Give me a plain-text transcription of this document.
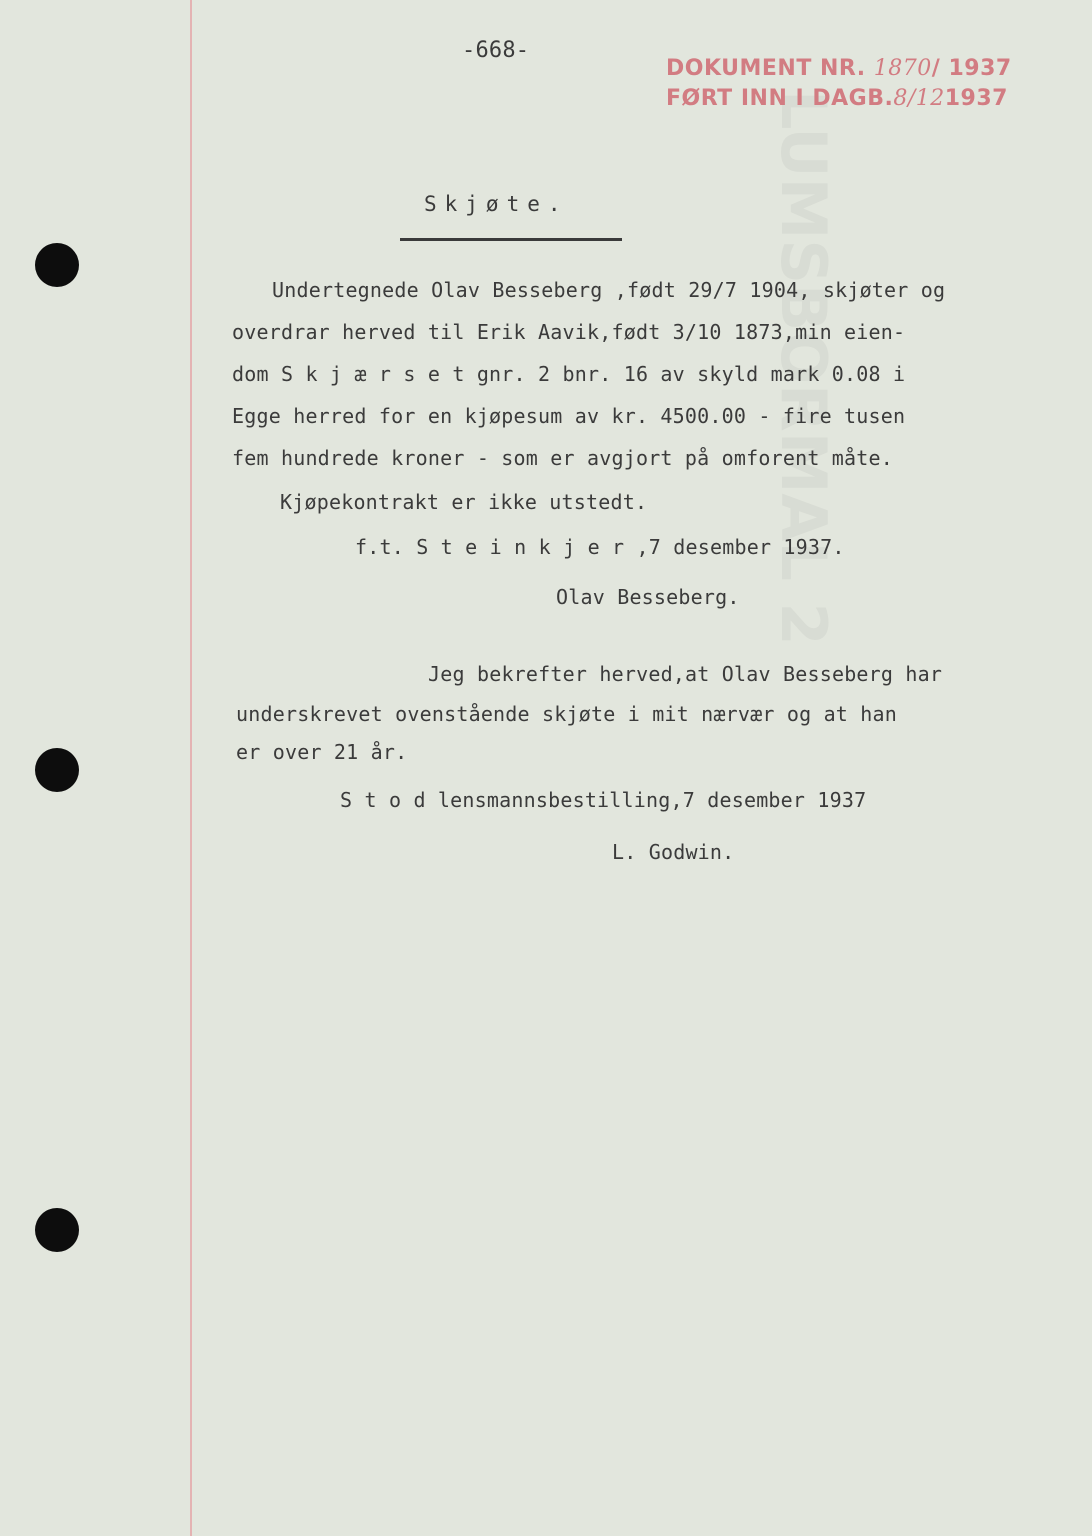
LUMSBORMAL 2
-668-
DOKUMENT NR. 1870/ 1937
FØRT INN I DAGB.8/121937
Skjøte.
Undertegnede Olav Besseberg ,født 29/7 1904, skjøter og
overdrar herved til Erik Aavik,født 3/10 1873,min eien-
dom S k j æ r s e t gnr. 2 bnr. 16 av skyld mark 0.08 i
Egge herred for en kjøpesum av kr. 4500.00 - fire tusen
fem hundrede kroner - som er avgjort på omforent måte.
Kjøpekontrakt er ikke utstedt.
f.t. S t e i n k j e r ,7 desember 1937.
Olav Besseberg.
Jeg bekrefter herved,at Olav Besseberg har
underskrevet ovenstående skjøte i mit nærvær og at han
er over 21 år.
S t o d lensmannsbestilling,7 desember 1937
L. Godwin.
